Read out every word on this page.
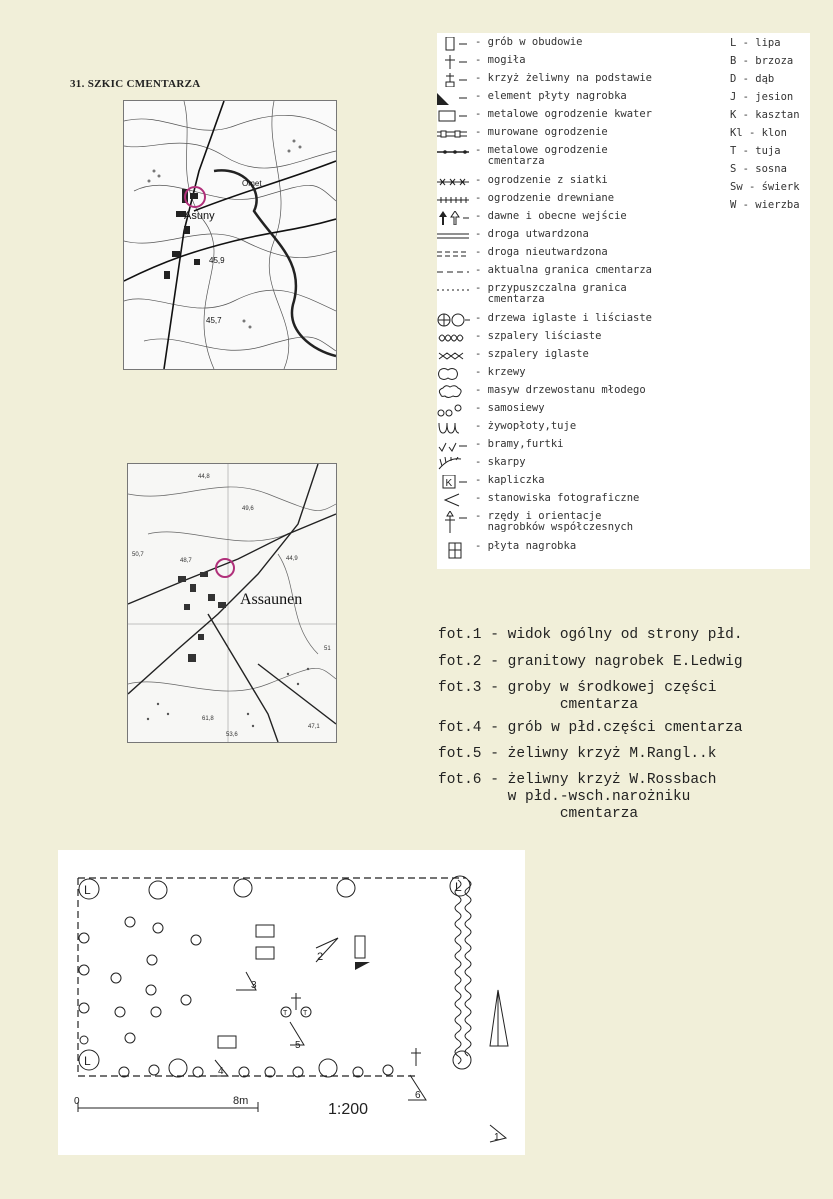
31. SZKIC CMENTARZA
Asuny
Omet
45,9
45,7
Assaunen
44,8
49,6
50,7
48,7	44,9
51
61,8
53,6
47,1
- grób w obudowie
- mogiła
- krzyż żeliwny na podstawie
- element płyty nagrobka
- metalowe ogrodzenie kwater
- murowane ogrodzenie
- metalowe ogrodzenie
cmentarza
- ogrodzenie z siatki
- ogrodzenie drewniane
- dawne i obecne wejście
- droga utwardzona
- droga nieutwardzona
- aktualna granica cmentarza
- przypuszczalna granica
cmentarza
- drzewa iglaste i liściaste
- szpalery liściaste
- szpalery iglaste
- krzewy
- masyw drzewostanu młodego
- samosiewy
- żywopłoty,tuje
- bramy,furtki
- skarpy
K - kapliczka
- stanowiska fotograficzne
- rzędy i orientacje
nagrobków współczesnych
- płyta nagrobka
L - lipa
B - brzoza
D - dąb
J - jesion
K - kasztan
Kl - klon
T - tuja
S - sosna
Sw - świerk
W - wierzba
fot.1 - widok ogólny od strony płd.
fot.2 - granitowy nagrobek E.Ledwig
fot.3 - groby w środkowej części
cmentarza
fot.4 - grób w płd.części cmentarza
fot.5 - żeliwny krzyż M.Rangl..k
fot.6 - żeliwny krzyż W.Rossbach
w płd.-wsch.narożniku
cmentarza
L	L
L
T T
1
2
3
4
5
6
0	8m	1:200
